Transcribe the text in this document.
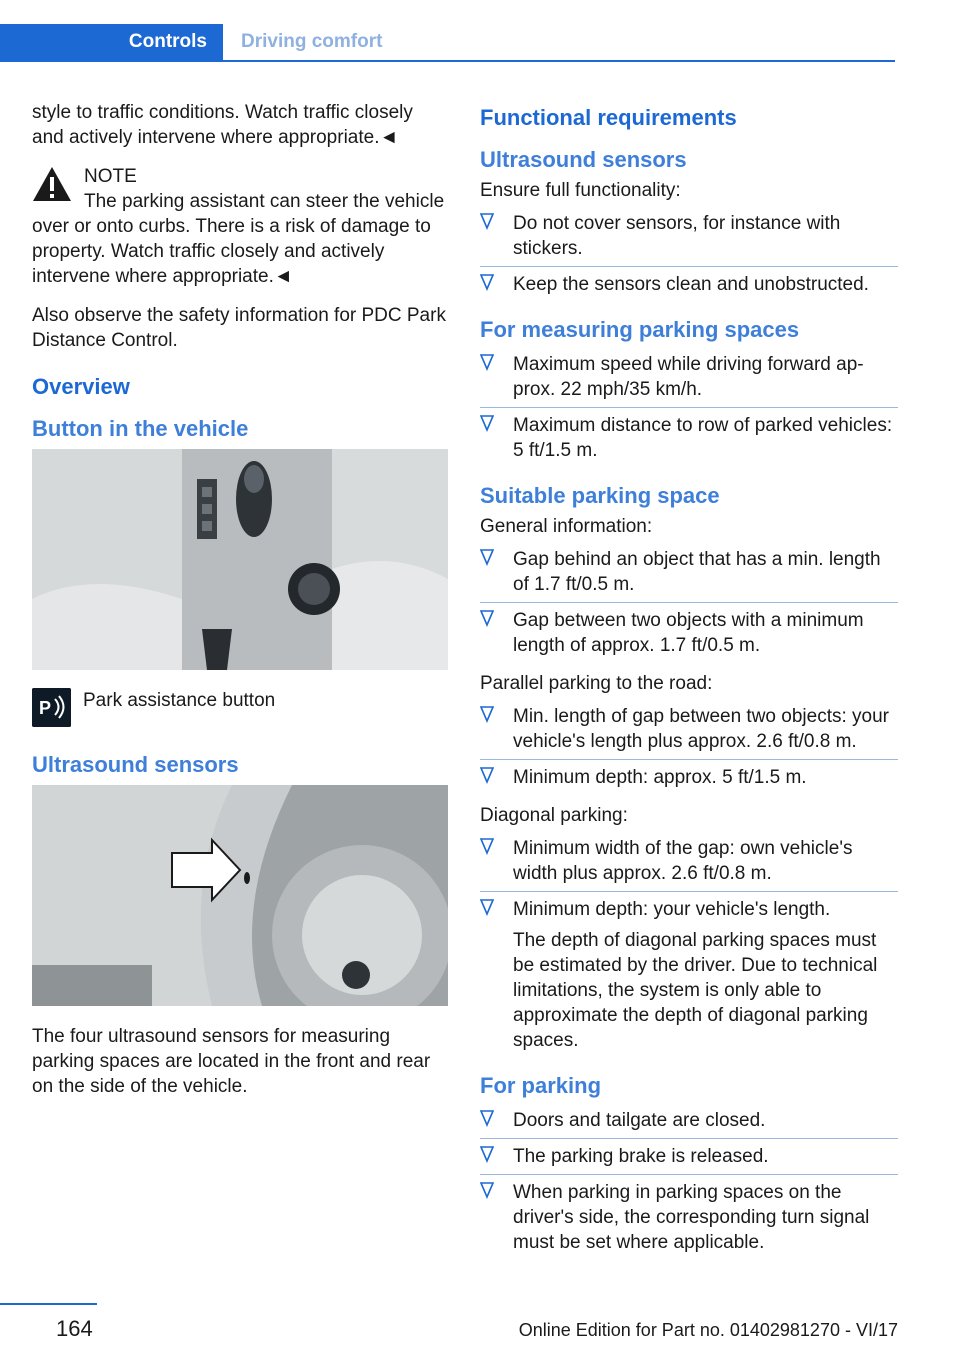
Controls	Driving comfort

style to traffic conditions. Watch traffic closely and actively intervene where appropriate.◄

NOTE

The parking assistant can steer the vehicle over or onto curbs. There is a risk of damage to property. Watch traffic closely and actively intervene where appropriate.◄

Also observe the safety information for PDC Park Distance Control.

Overview
Button in the vehicle
P Park assistance button

Ultrasound sensors

The four ultrasound sensors for measuring parking spaces are located in the front and rear on the side of the vehicle.

Functional requirements
Ultrasound sensors

Ensure full functionality:

Do not cover sensors, for instance with stickers.
Keep the sensors clean and unobstructed.
For measuring parking spaces
Maximum speed while driving forward approx. 22 mph/35 km/h.
Maximum distance to row of parked vehicles: 5 ft/1.5 m.
Suitable parking space

General information:

Gap behind an object that has a min. length of 1.7 ft/0.5 m.
Gap between two objects with a minimum length of approx. 1.7 ft/0.5 m.

Parallel parking to the road:

Min. length of gap between two objects: your vehicle's length plus approx. 2.6 ft/0.8 m.
Minimum depth: approx. 5 ft/1.5 m.

Diagonal parking:

Minimum width of the gap: own vehicle's width plus approx. 2.6 ft/0.8 m.
Minimum depth: your vehicle's length.

The depth of diagonal parking spaces must be estimated by the driver. Due to technical limitations, the system is only able to approximate the depth of diagonal parking spaces.

For parking
Doors and tailgate are closed.
The parking brake is released.
When parking in parking spaces on the driver's side, the corresponding turn signal must be set where applicable.
164	Online Edition for Part no. 01402981270 - VI/17
